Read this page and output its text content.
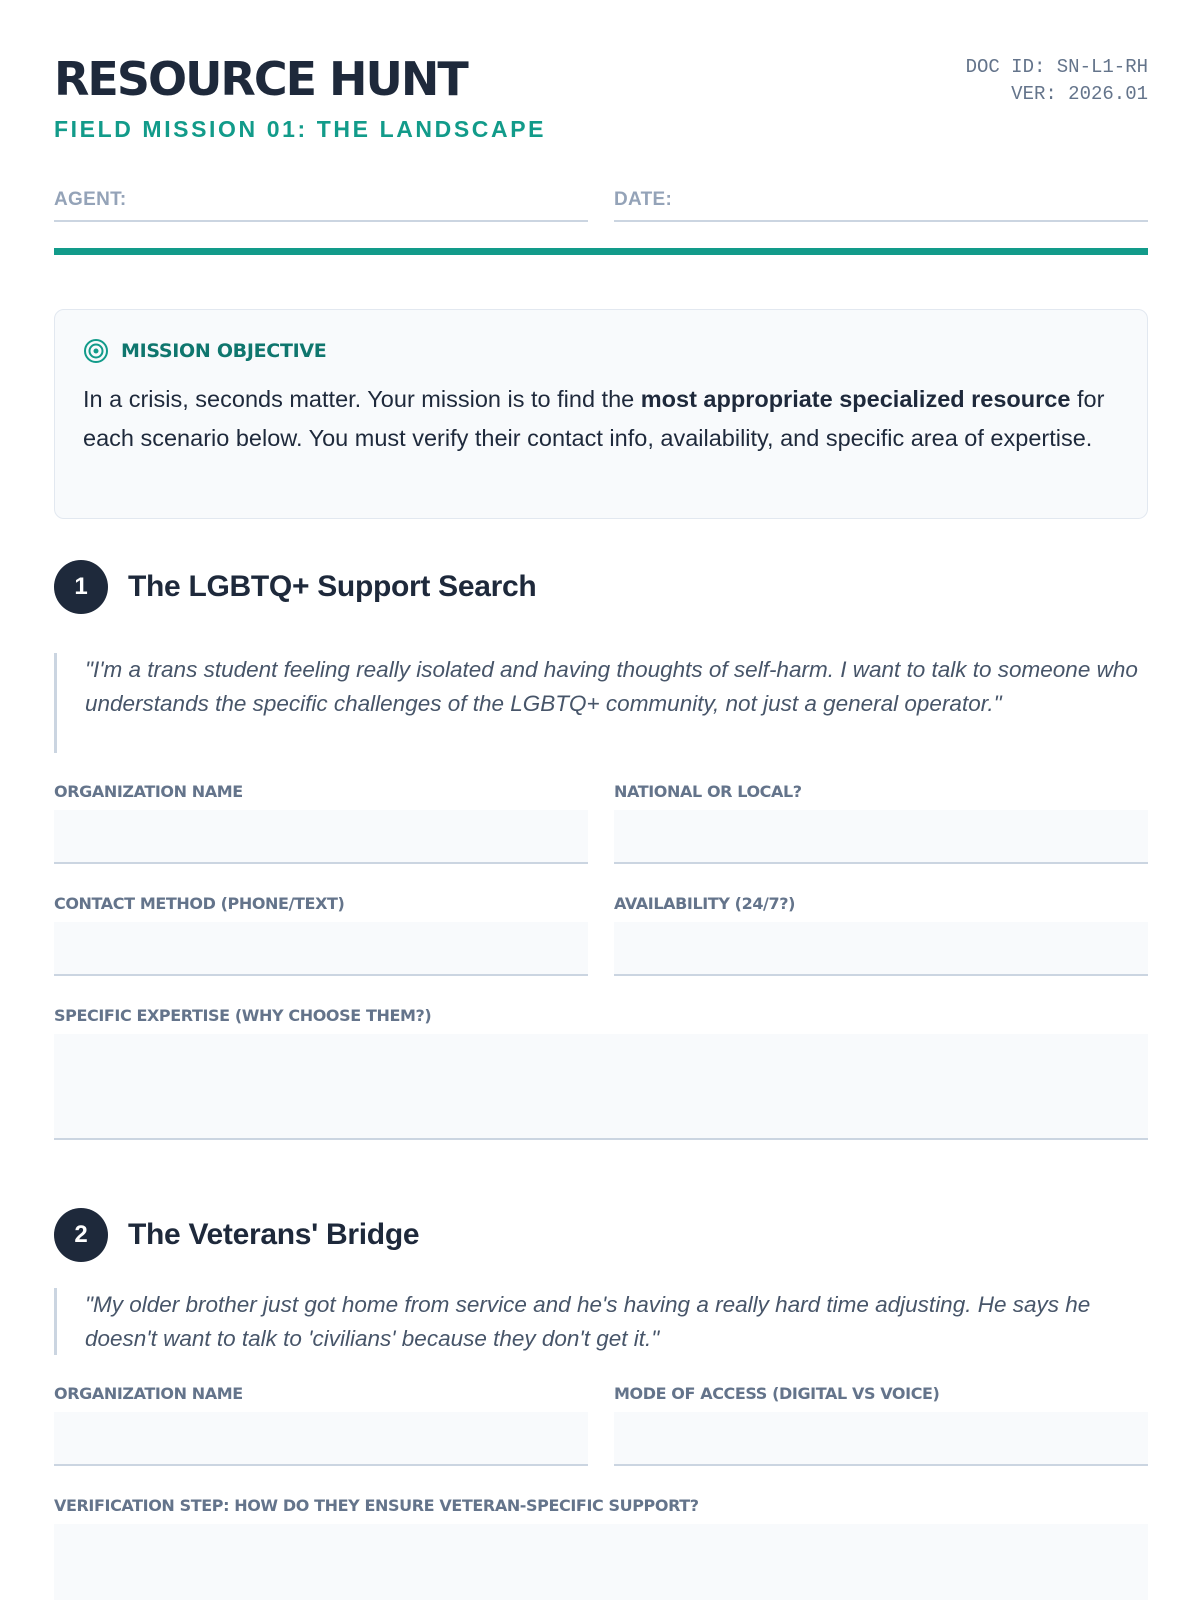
RESOURCE HUNT
FIELD MISSION 01: THE LANDSCAPE
DOC ID: SN-L1-RH
VER: 2026.01
AGENT:	DATE:
MISSION OBJECTIVE
In a crisis, seconds matter. Your mission is to find the most appropriate specialized resource for each scenario below. You must verify their contact info, availability, and specific area of expertise.
1	The LGBTQ+ Support Search
"I'm a trans student feeling really isolated and having thoughts of self-harm. I want to talk to someone who understands the specific challenges of the LGBTQ+ community, not just a general operator."
ORGANIZATION NAME	NATIONAL OR LOCAL?
CONTACT METHOD (PHONE/TEXT)	AVAILABILITY (24/7?)
SPECIFIC EXPERTISE (WHY CHOOSE THEM?)
2	The Veterans' Bridge
"My older brother just got home from service and he's having a really hard time adjusting. He says he doesn't want to talk to 'civilians' because they don't get it."
ORGANIZATION NAME	MODE OF ACCESS (DIGITAL VS VOICE)
VERIFICATION STEP: HOW DO THEY ENSURE VETERAN-SPECIFIC SUPPORT?
